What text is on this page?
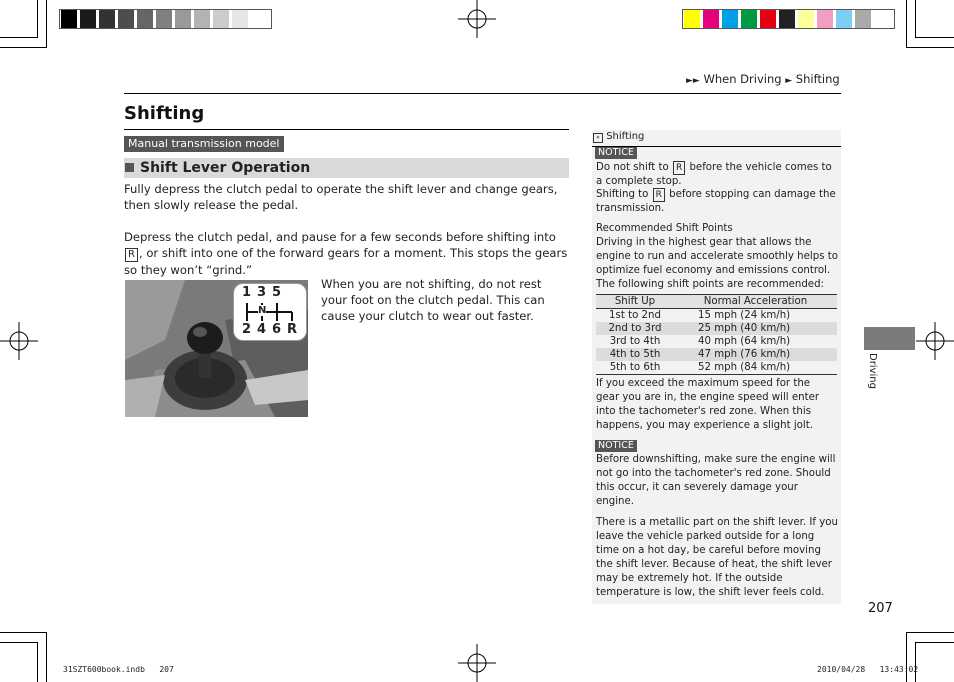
►► When Driving ► Shifting
Shifting
Manual transmission model
Shift Lever Operation
Fully depress the clutch pedal to operate the shift lever and change gears, then slowly release the pedal.
Depress the clutch pedal, and pause for a few seconds before shifting into R , or shift into one of the forward gears for a moment. This stops the gears so they won’t “grind.”
1 3 5
N
2 4 6 R
When you are not shifting, do not rest your foot on the clutch pedal. This can cause your clutch to wear out faster.
» Shifting
NOTICE
Do not shift to R before the vehicle comes to a complete stop.
Shifting to R before stopping can damage the transmission.
Recommended Shift Points
Driving in the highest gear that allows the engine to run and accelerate smoothly helps to optimize fuel economy and emissions control. The following shift points are recommended:
Shift Up	Normal Acceleration
1st to 2nd	15 mph (24 km/h)
2nd to 3rd	25 mph (40 km/h)
3rd to 4th	40 mph (64 km/h)
4th to 5th	47 mph (76 km/h)
5th to 6th	52 mph (84 km/h)
If you exceed the maximum speed for the gear you are in, the engine speed will enter into the tachometer's red zone. When this happens, you may experience a slight jolt.
NOTICE
Before downshifting, make sure the engine will not go into the tachometer's red zone. Should this occur, it can severely damage your engine.
There is a metallic part on the shift lever. If you leave the vehicle parked outside for a long time on a hot day, be careful before moving the shift lever. Because of heat, the shift lever may be extremely hot. If the outside temperature is low, the shift lever feels cold.
Driving
207
31SZT600book.indb   207	2010/04/28   13:43:02
